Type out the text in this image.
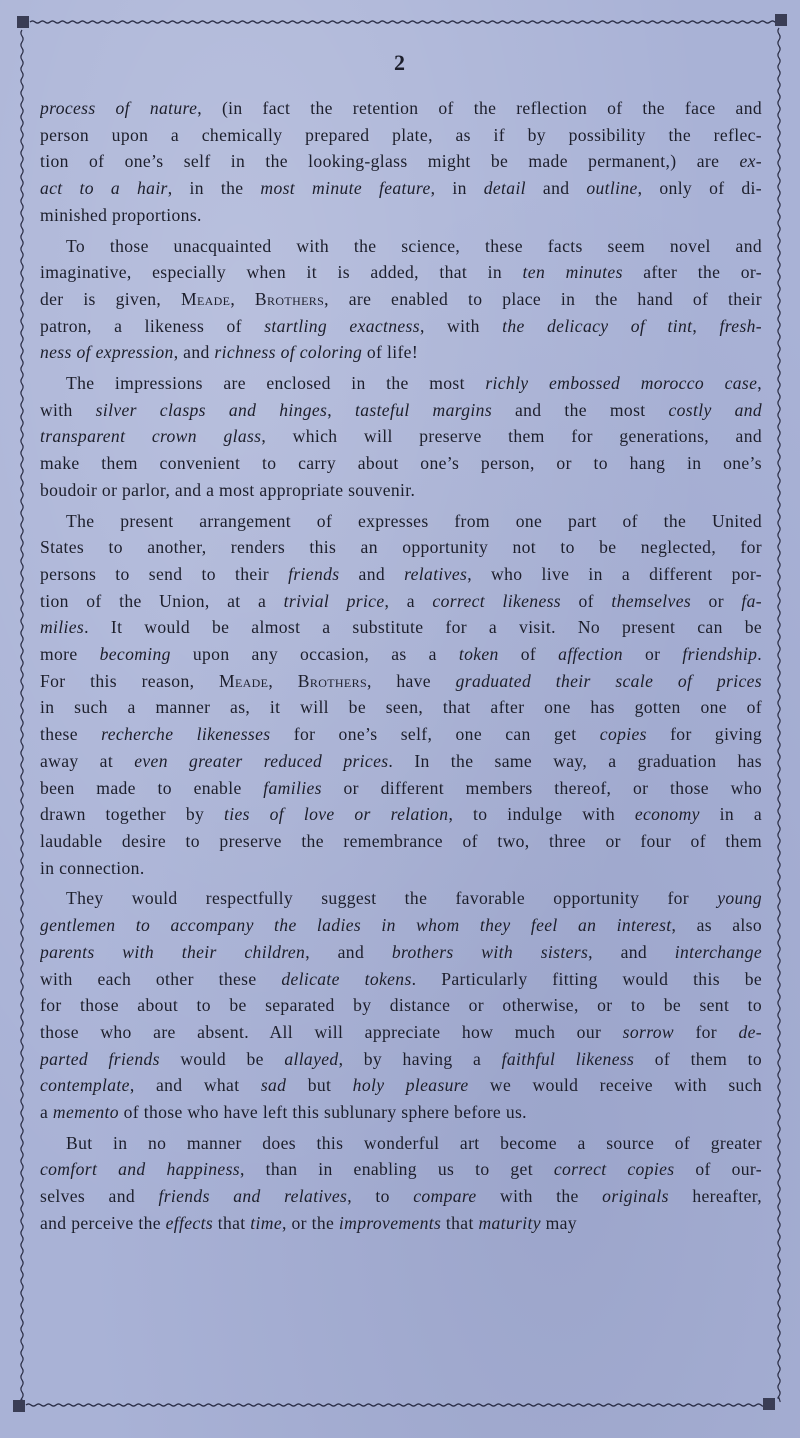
2
process of nature, (in fact the retention of the reflection of the face and
person upon a chemically prepared plate, as if by possibility the reflec-
tion of one’s self in the looking-glass might be made permanent,) are ex-
act to a hair, in the most minute feature, in detail and outline, only of di-
minished proportions.
To those unacquainted with the science, these facts seem novel and
imaginative, especially when it is added, that in ten minutes after the or-
der is given, Meade, Brothers, are enabled to place in the hand of their
patron, a likeness of startling exactness, with the delicacy of tint, fresh-
ness of expression, and richness of coloring of life!
The impressions are enclosed in the most richly embossed morocco case,
with silver clasps and hinges, tasteful margins and the most costly and
transparent crown glass, which will preserve them for generations, and
make them convenient to carry about one’s person, or to hang in one’s
boudoir or parlor, and a most appropriate souvenir.
The present arrangement of expresses from one part of the United
States to another, renders this an opportunity not to be neglected, for
persons to send to their friends and relatives, who live in a different por-
tion of the Union, at a trivial price, a correct likeness of themselves or fa-
milies. It would be almost a substitute for a visit. No present can be
more becoming upon any occasion, as a token of affection or friendship.
For this reason, Meade, Brothers, have graduated their scale of prices
in such a manner as, it will be seen, that after one has gotten one of
these recherche likenesses for one’s self, one can get copies for giving
away at even greater reduced prices. In the same way, a graduation has
been made to enable families or different members thereof, or those who
drawn together by ties of love or relation, to indulge with economy in a
laudable desire to preserve the remembrance of two, three or four of them
in connection.
They would respectfully suggest the favorable opportunity for young
gentlemen to accompany the ladies in whom they feel an interest, as also
parents with their children, and brothers with sisters, and interchange
with each other these delicate tokens. Particularly fitting would this be
for those about to be separated by distance or otherwise, or to be sent to
those who are absent. All will appreciate how much our sorrow for de-
parted friends would be allayed, by having a faithful likeness of them to
contemplate, and what sad but holy pleasure we would receive with such
a memento of those who have left this sublunary sphere before us.
But in no manner does this wonderful art become a source of greater
comfort and happiness, than in enabling us to get correct copies of our-
selves and friends and relatives, to compare with the originals hereafter,
and perceive the effects that time, or the improvements that maturity may
